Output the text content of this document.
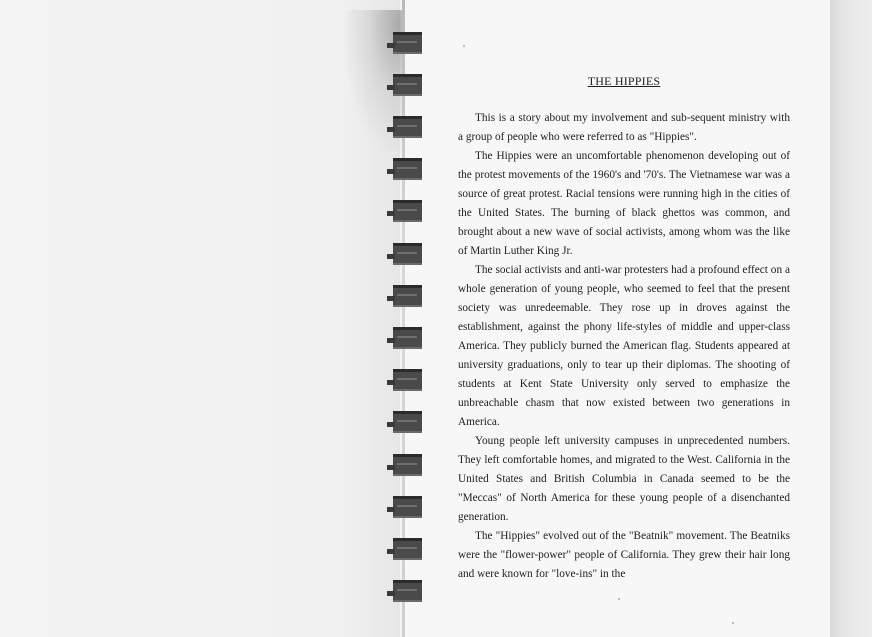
THE HIPPIES

This is a story about my involvement and sub-sequent ministry with a group of people who were referred to as "Hippies".

The Hippies were an uncomfortable phenomenon developing out of the protest movements of the 1960's and '70's. The Vietnamese war was a source of great protest. Racial tensions were running high in the cities of the United States. The burning of black ghettos was common, and brought about a new wave of social activists, among whom was the like of Martin Luther King Jr.

The social activists and anti-war protesters had a profound effect on a whole generation of young people, who seemed to feel that the present society was unredeemable. They rose up in droves against the establishment, against the phony life-styles of middle and upper-class America. They publicly burned the American flag. Students appeared at university graduations, only to tear up their diplomas. The shooting of students at Kent State University only served to emphasize the unbreachable chasm that now existed between two generations in America.

Young people left university campuses in unprecedented numbers. They left comfortable homes, and migrated to the West. California in the United States and British Columbia in Canada seemed to be the "Meccas" of North America for these young people of a disenchanted generation.

The "Hippies" evolved out of the "Beatnik" movement. The Beatniks were the "flower-power" people of California. They grew their hair long and were known for "love-ins" in the
